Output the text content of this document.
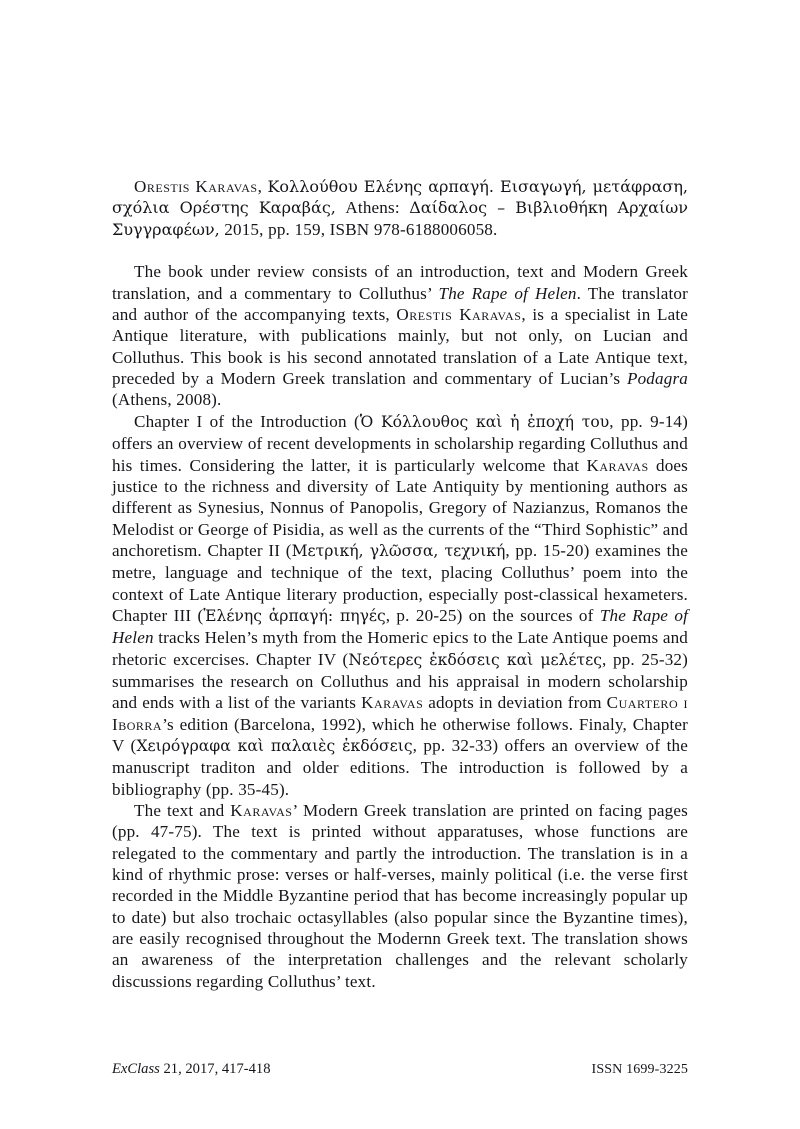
Orestis Karavas, Κολλούθου Ελένης αρπαγή. Εισαγωγή, μετάφραση, σχόλια Ορέστης Καραβάς, Athens: Δαίδαλος – Βιβλιοθήκη Αρχαίων Συγγραφέων, 2015, pp. 159, ISBN 978-6188006058.

The book under review consists of an introduction, text and Modern Greek translation, and a commentary to Colluthus’ The Rape of Helen. The translator and author of the accompanying texts, Orestis Karavas, is a specialist in Late Antique literature, with publications mainly, but not only, on Lucian and Colluthus. This book is his second annotated translation of a Late Antique text, preceded by a Modern Greek translation and commentary of Lucian’s Podagra (Athens, 2008).

Chapter I of the Introduction (Ὁ Κόλλουθος καὶ ἡ ἐποχή του, pp. 9-14) offers an overview of recent developments in scholarship regarding Colluthus and his times. Considering the latter, it is particularly welcome that Karavas does justice to the richness and diversity of Late Antiquity by mentioning authors as different as Synesius, Nonnus of Panopolis, Gregory of Nazianzus, Romanos the Melodist or George of Pisidia, as well as the currents of the “Third Sophistic” and anchoretism. Chapter II (Μετρική, γλῶσσα, τεχνική, pp. 15-20) examines the metre, language and technique of the text, placing Colluthus’ poem into the context of Late Antique literary production, especially post-classical hexameters. Chapter III (Ἑλένης ἁρπαγή: πηγές, p. 20-25) on the sources of The Rape of Helen tracks Helen’s myth from the Homeric epics to the Late Antique poems and rhetoric excercises. Chapter IV (Νεότερες ἐκδόσεις καὶ μελέτες, pp. 25-32) summarises the research on Colluthus and his appraisal in modern scholarship and ends with a list of the variants Karavas adopts in deviation from Cuartero i Iborra’s edition (Barcelona, 1992), which he otherwise follows. Finaly, Chapter V (Χειρόγραφα καὶ παλαιὲς ἐκδόσεις, pp. 32-33) offers an overview of the manuscript traditon and older editions. The introduction is followed by a bibliography (pp. 35-45).

The text and Karavas’ Modern Greek translation are printed on facing pages (pp. 47-75). The text is printed without apparatuses, whose functions are relegated to the commentary and partly the introduction. The translation is in a kind of rhythmic prose: verses or half-verses, mainly political (i.e. the verse first recorded in the Middle Byzantine period that has become increasingly popular up to date) but also trochaic octasyllables (also popular since the Byzantine times), are easily recognised throughout the Modernn Greek text. The translation shows an awareness of the interpretation challenges and the relevant scholarly discussions regarding Colluthus’ text.

ExClass 21, 2017, 417-418	ISSN 1699-3225
